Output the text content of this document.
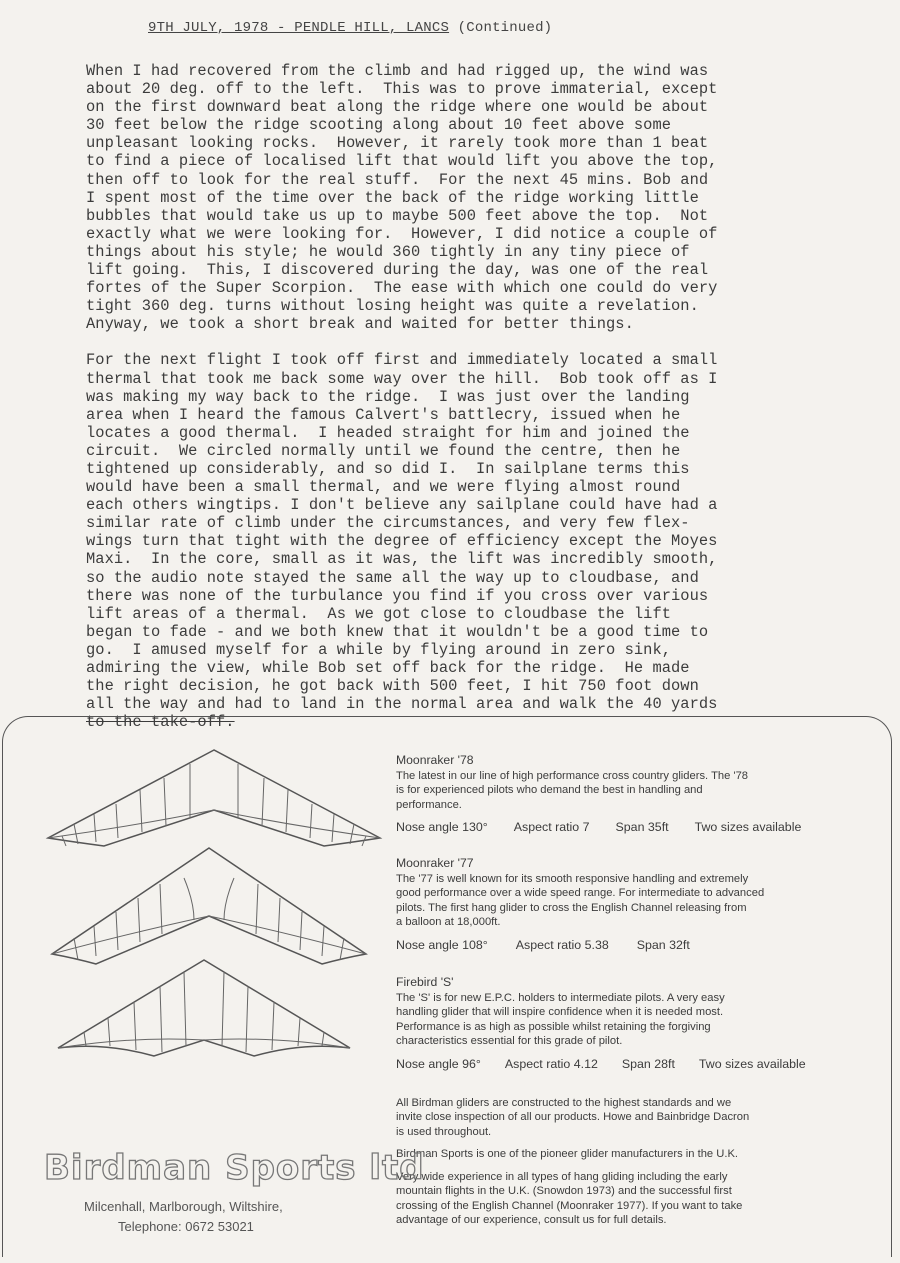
9TH JULY, 1978 - PENDLE HILL, LANCS (Continued)
When I had recovered from the climb and had rigged up, the wind was
about 20 deg. off to the left.  This was to prove immaterial, except
on the first downward beat along the ridge where one would be about
30 feet below the ridge scooting along about 10 feet above some
unpleasant looking rocks.  However, it rarely took more than 1 beat
to find a piece of localised lift that would lift you above the top,
then off to look for the real stuff.  For the next 45 mins. Bob and
I spent most of the time over the back of the ridge working little
bubbles that would take us up to maybe 500 feet above the top.  Not
exactly what we were looking for.  However, I did notice a couple of
things about his style; he would 360 tightly in any tiny piece of
lift going.  This, I discovered during the day, was one of the real
fortes of the Super Scorpion.  The ease with which one could do very
tight 360 deg. turns without losing height was quite a revelation.
Anyway, we took a short break and waited for better things.
For the next flight I took off first and immediately located a small
thermal that took me back some way over the hill.  Bob took off as I
was making my way back to the ridge.  I was just over the landing
area when I heard the famous Calvert's battlecry, issued when he
locates a good thermal.  I headed straight for him and joined the
circuit.  We circled normally until we found the centre, then he
tightened up considerably, and so did I.  In sailplane terms this
would have been a small thermal, and we were flying almost round
each others wingtips. I don't believe any sailplane could have had a
similar rate of climb under the circumstances, and very few flex-
wings turn that tight with the degree of efficiency except the Moyes
Maxi.  In the core, small as it was, the lift was incredibly smooth,
so the audio note stayed the same all the way up to cloudbase, and
there was none of the turbulance you find if you cross over various
lift areas of a thermal.  As we got close to cloudbase the lift
began to fade - and we both knew that it wouldn't be a good time to
go.  I amused myself for a while by flying around in zero sink,
admiring the view, while Bob set off back for the ridge.  He made
the right decision, he got back with 500 feet, I hit 750 foot down
all the way and had to land in the normal area and walk the 40 yards
to the take-off.
Moonraker '78
The latest in our line of high performance cross country gliders. The '78
is for experienced pilots who demand the best in handling and
performance.
Nose angle 130° Aspect ratio 7 Span 35ft Two sizes available
Moonraker '77
The '77 is well known for its smooth responsive handling and extremely
good performance over a wide speed range. For intermediate to advanced
pilots. The first hang glider to cross the English Channel releasing from
a balloon at 18,000ft.
Nose angle 108° Aspect ratio 5.38 Span 32ft
Firebird 'S'
The 'S' is for new E.P.C. holders to intermediate pilots. A very easy
handling glider that will inspire confidence when it is needed most.
Performance is as high as possible whilst retaining the forgiving
characteristics essential for this grade of pilot.
Nose angle 96° Aspect ratio 4.12 Span 28ft Two sizes available
All Birdman gliders are constructed to the highest standards and we
invite close inspection of all our products. Howe and Bainbridge Dacron
is used throughout.
Birdman Sports is one of the pioneer glider manufacturers in the U.K.
Very wide experience in all types of hang gliding including the early
mountain flights in the U.K. (Snowdon 1973) and the successful first
crossing of the English Channel (Moonraker 1977). If you want to take
advantage of our experience, consult us for full details.
Birdman Sports ltd
Milcenhall, Marlborough, Wiltshire,
Telephone: 0672 53021
